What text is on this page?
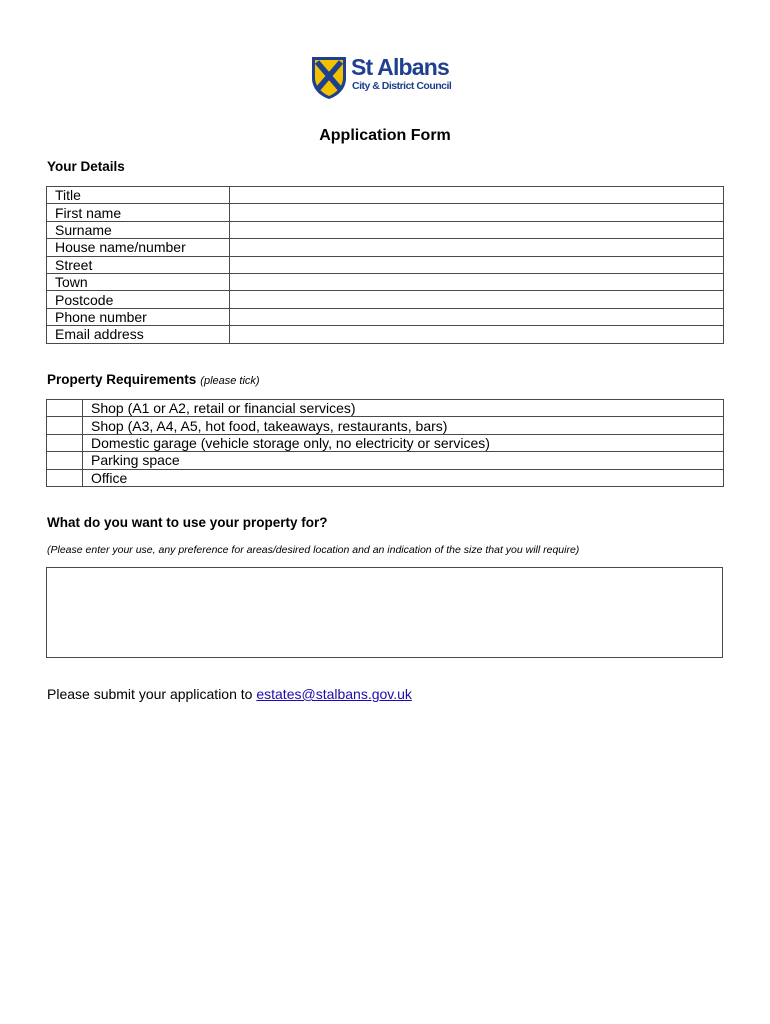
St Albans
City & District Council
Application Form
Your Details
Title	
First name	
Surname	
House name/number	
Street	
Town	
Postcode	
Phone number	
Email address	
Property Requirements (please tick)
	Shop (A1 or A2, retail or financial services)
	Shop (A3, A4, A5, hot food, takeaways, restaurants, bars)
	Domestic garage (vehicle storage only, no electricity or services)
	Parking space
	Office
What do you want to use your property for?
(Please enter your use, any preference for areas/desired location and an indication of the size that you will require)
Please submit your application to estates@stalbans.gov.uk
